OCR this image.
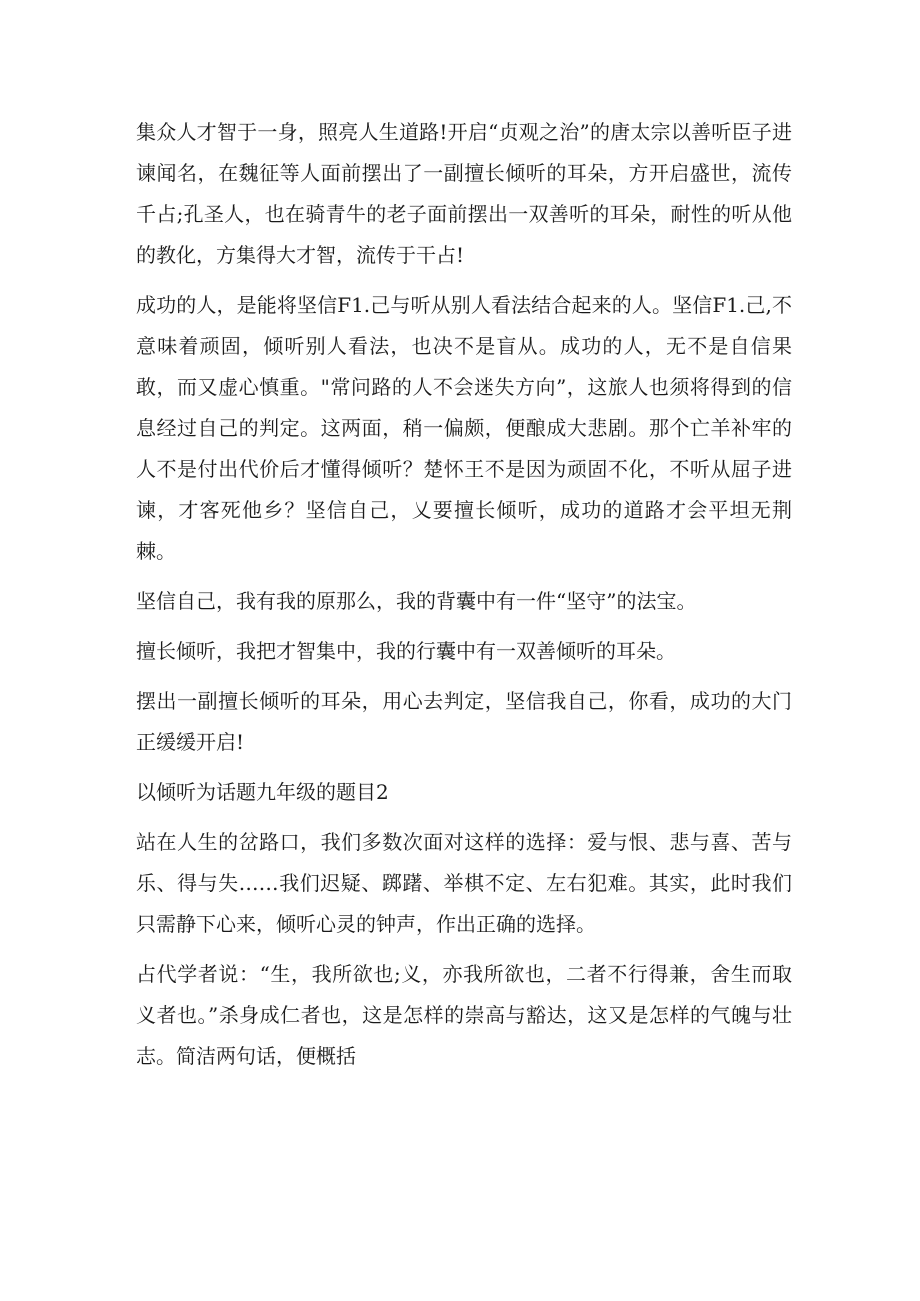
集众人才智于一身，照亮人生道路!开启“贞观之治”的唐太宗以善听臣子进谏闻名，在魏征等人面前摆出了一副擅长倾听的耳朵，方开启盛世，流传千占;孔圣人，也在骑青牛的老子面前摆出一双善听的耳朵，耐性的听从他的教化，方集得大才智，流传于干占!

成功的人，是能将坚信F1.己与听从别人看法结合起来的人。坚信F1.己,不意味着顽固，倾听别人看法，也决不是盲从。成功的人，无不是自信果敢，而又虚心慎重。"常问路的人不会迷失方向”，这旅人也须将得到的信息经过自己的判定。这两面，稍一偏颇，便酿成大悲剧。那个亡羊补牢的人不是付出代价后才懂得倾听？楚怀王不是因为顽固不化，不听从屈子进谏，才客死他乡？坚信自己，乂要擅长倾听，成功的道路才会平坦无荆棘。

坚信自己，我有我的原那么，我的背囊中有一件“坚守”的法宝。

擅长倾听，我把才智集中，我的行囊中有一双善倾听的耳朵。

摆出一副擅长倾听的耳朵，用心去判定，坚信我自己，你看，成功的大门正缓缓开启!

以倾听为话题九年级的题目2

站在人生的岔路口，我们多数次面对这样的选择：爱与恨、悲与喜、苦与乐、得与失……我们迟疑、踯躇、举棋不定、左右犯难。其实，此时我们只需静下心来，倾听心灵的钟声，作出正确的选择。

占代学者说：“生，我所欲也;义，亦我所欲也，二者不行得兼，舍生而取义者也。”杀身成仁者也，这是怎样的崇高与豁达，这又是怎样的气魄与壮志。简洁两句话，便概括
